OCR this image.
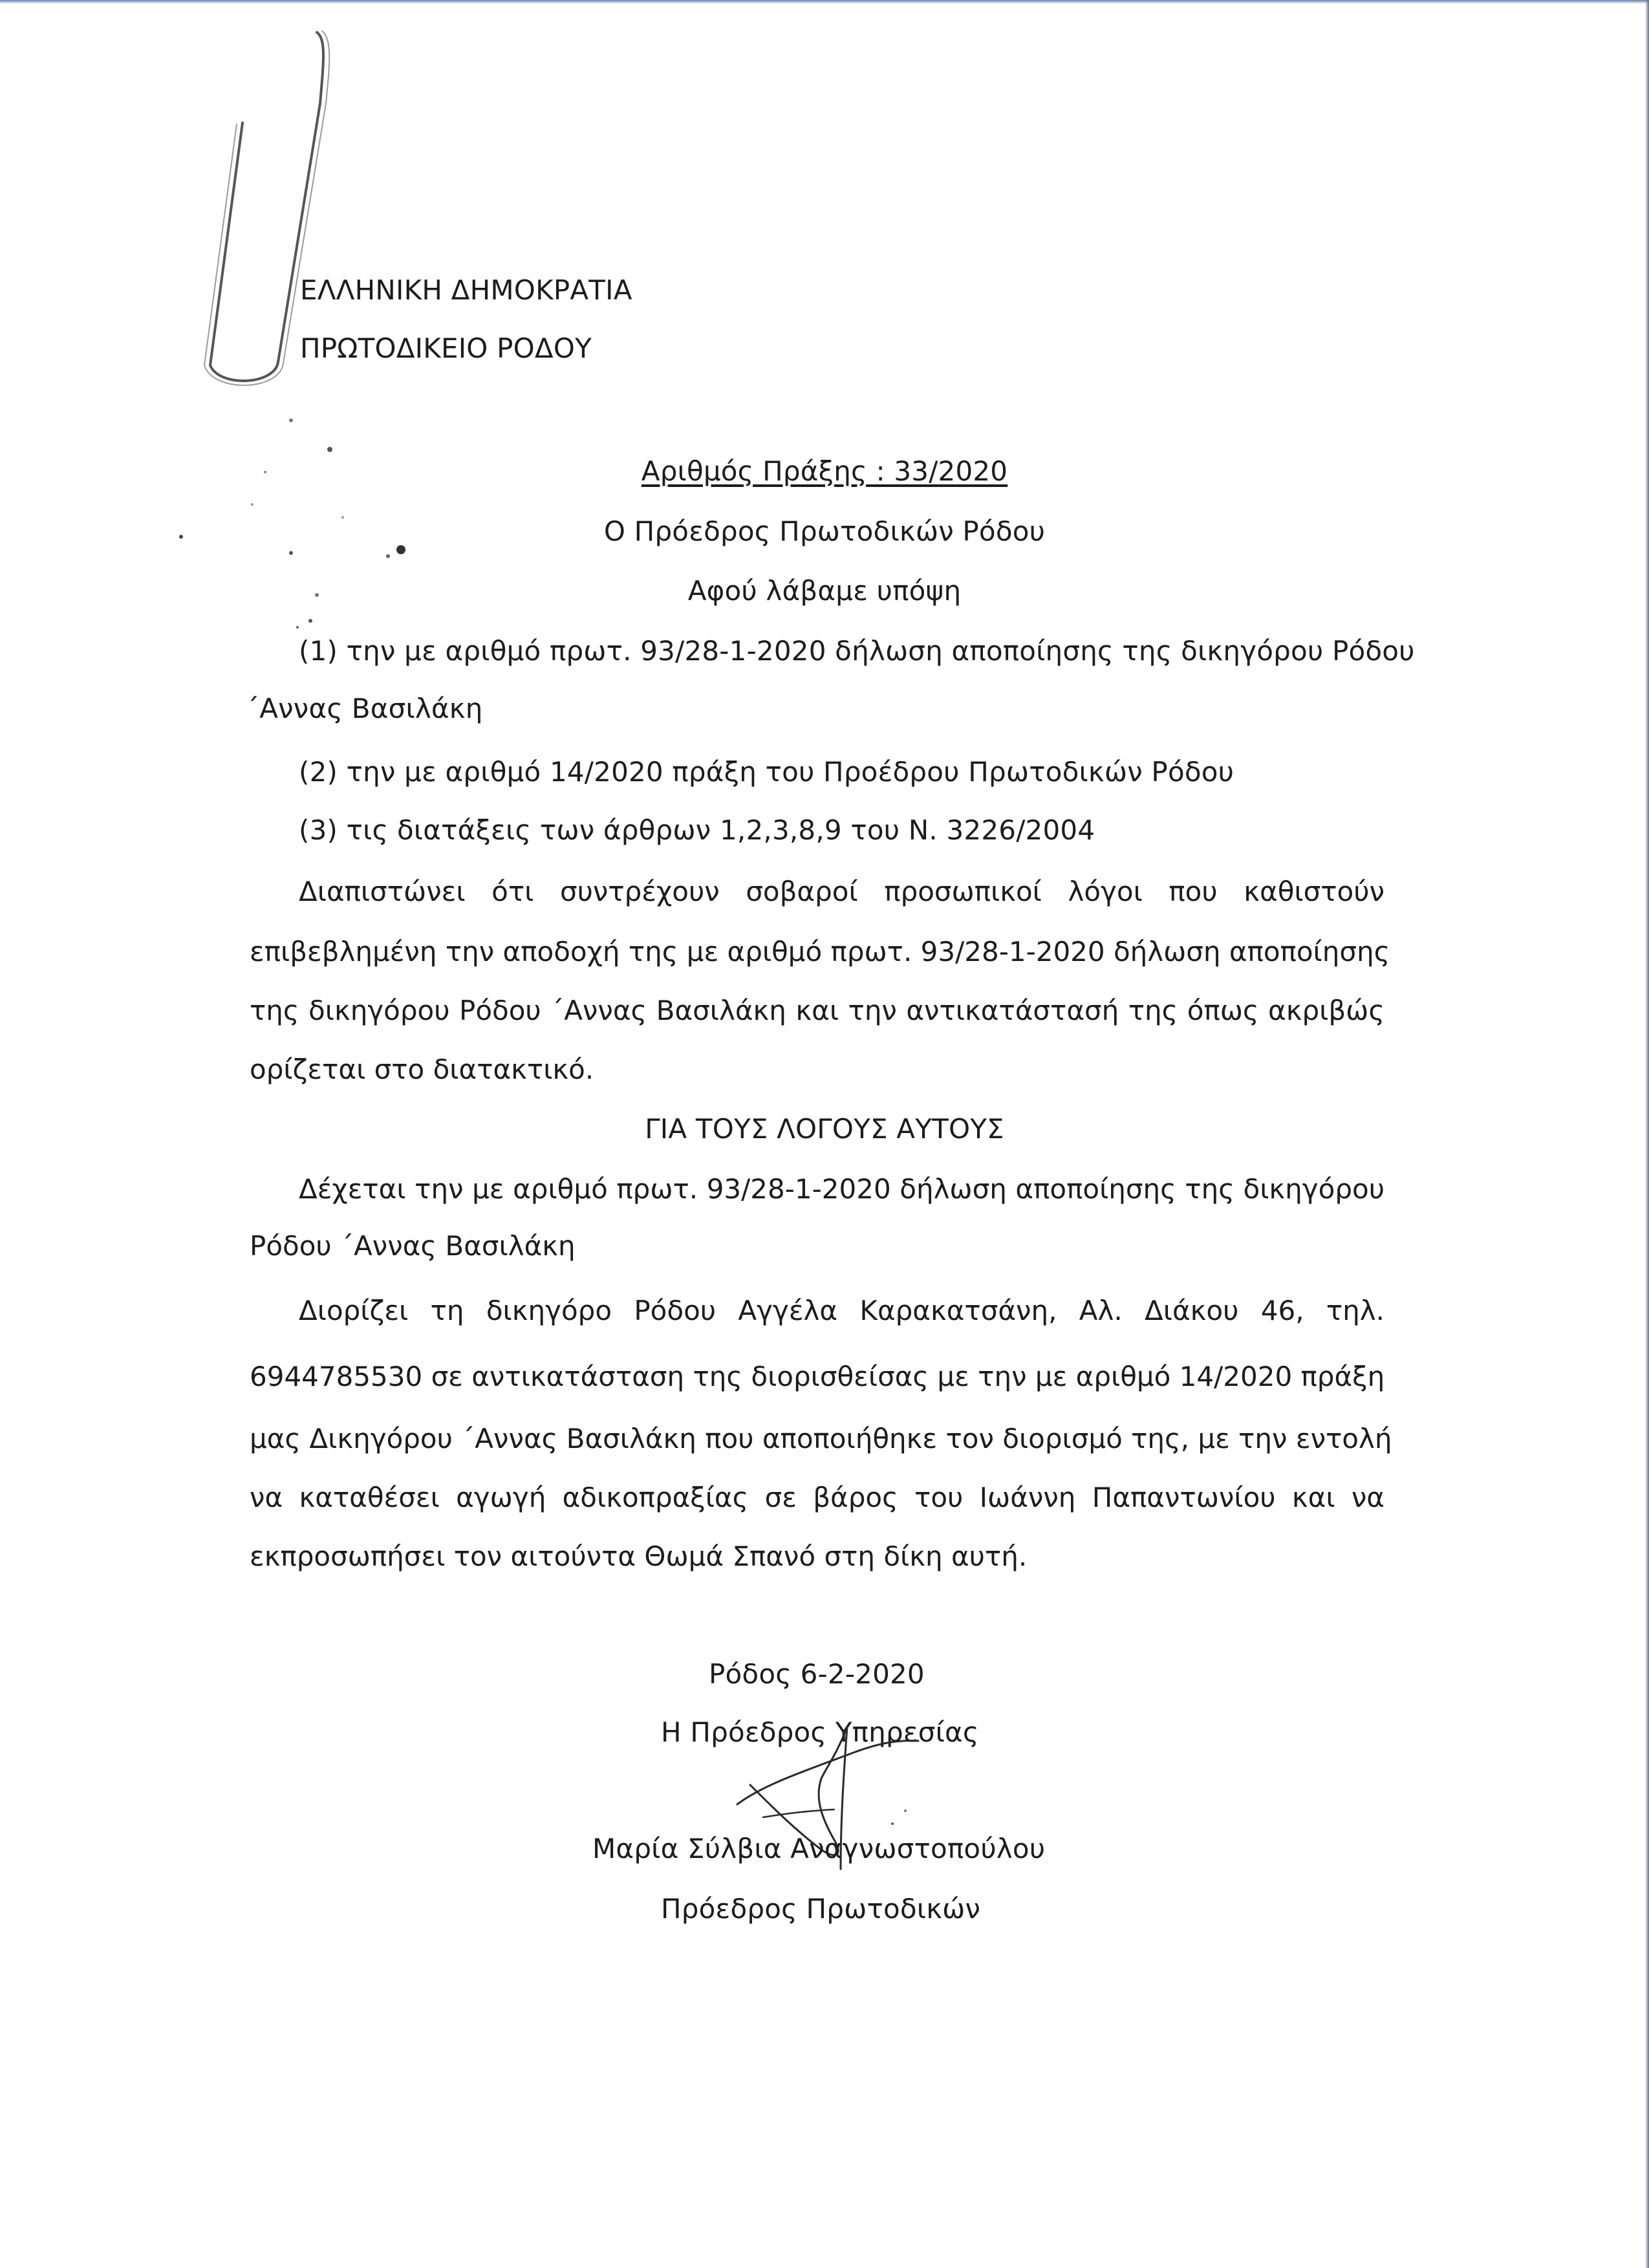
ΕΛΛΗΝΙΚΗ ΔΗΜΟΚΡΑΤΙΑ
ΠΡΩΤΟΔΙΚΕΙΟ ΡΟΔΟΥ
Αριθμός Πράξης : 33/2020
Ο Πρόεδρος Πρωτοδικών Ρόδου
Αφού λάβαμε υπόψη
(1) την με αριθμό πρωτ. 93/28-1-2020 δήλωση αποποίησης της δικηγόρου Ρόδου
΄Αννας Βασιλάκη
(2) την με αριθμό 14/2020 πράξη του Προέδρου Πρωτοδικών Ρόδου
(3) τις διατάξεις των άρθρων 1,2,3,8,9 του Ν. 3226/2004
Διαπιστώνει ότι συντρέχουν σοβαροί προσωπικοί λόγοι που καθιστούν
επιβεβλημένη την αποδοχή της με αριθμό πρωτ. 93/28-1-2020 δήλωση αποποίησης
της δικηγόρου Ρόδου ΄Αννας Βασιλάκη και την αντικατάστασή της όπως ακριβώς
ορίζεται στο διατακτικό.
ΓΙΑ ΤΟΥΣ ΛΟΓΟΥΣ ΑΥΤΟΥΣ
Δέχεται την με αριθμό πρωτ. 93/28-1-2020 δήλωση αποποίησης της δικηγόρου
Ρόδου ΄Αννας Βασιλάκη
Διορίζει τη δικηγόρο Ρόδου Αγγέλα Καρακατσάνη, Αλ. Διάκου 46, τηλ.
6944785530 σε αντικατάσταση της διορισθείσας με την με αριθμό 14/2020 πράξη
μας Δικηγόρου ΄Αννας Βασιλάκη που αποποιήθηκε τον διορισμό της, με την εντολή
να καταθέσει αγωγή αδικοπραξίας σε βάρος του Ιωάννη Παπαντωνίου και να
εκπροσωπήσει τον αιτούντα Θωμά Σπανό στη δίκη αυτή.
Ρόδος 6-2-2020
Η Πρόεδρος Υπηρεσίας
Μαρία Σύλβια Αναγνωστοπούλου
Πρόεδρος Πρωτοδικών
